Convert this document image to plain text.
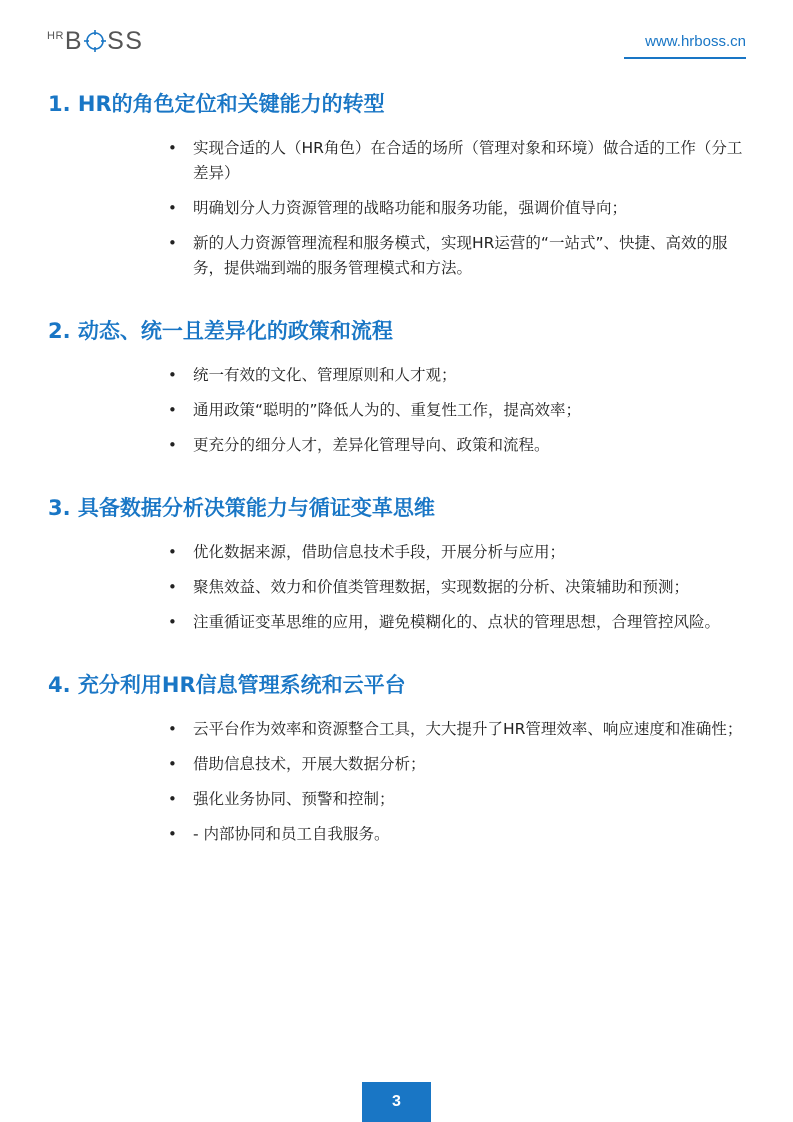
HR B SS	www.hrboss.cn
1. HR的角色定位和关键能力的转型
• 实现合适的人（HR角色）在合适的场所（管理对象和环境）做合适的工作（分工差异）
• 明确划分人力资源管理的战略功能和服务功能，强调价值导向；
• 新的人力资源管理流程和服务模式，实现HR运营的“一站式”、快捷、高效的服务，提供端到端的服务管理模式和方法。
2. 动态、统一且差异化的政策和流程
• 统一有效的文化、管理原则和人才观；
• 通用政策“聪明的”降低人为的、重复性工作，提高效率；
• 更充分的细分人才，差异化管理导向、政策和流程。
3. 具备数据分析决策能力与循证变革思维
• 优化数据来源，借助信息技术手段，开展分析与应用；
• 聚焦效益、效力和价值类管理数据，实现数据的分析、决策辅助和预测；
• 注重循证变革思维的应用，避免模糊化的、点状的管理思想，合理管控风险。
4. 充分利用HR信息管理系统和云平台
• 云平台作为效率和资源整合工具，大大提升了HR管理效率、响应速度和准确性；
• 借助信息技术，开展大数据分析；
• 强化业务协同、预警和控制；
• - 内部协同和员工自我服务。
3
